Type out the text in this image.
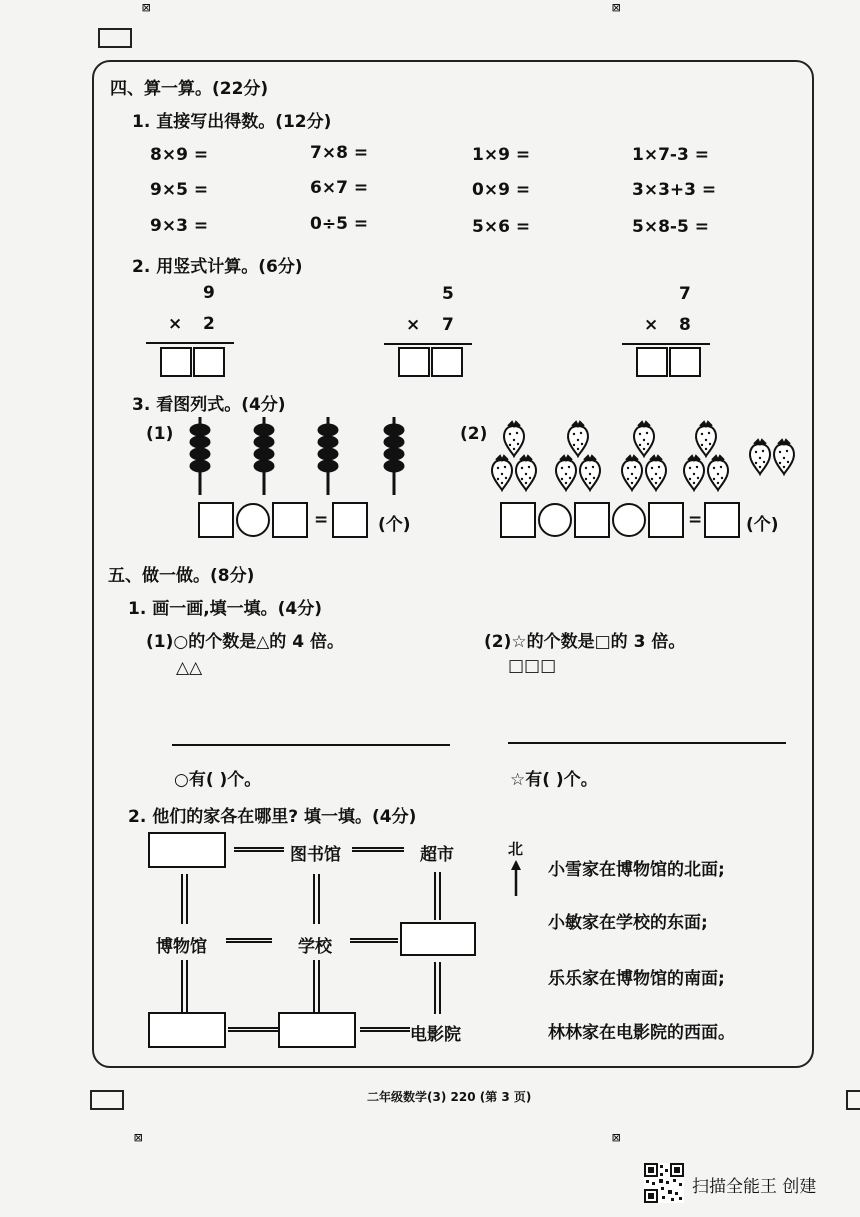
⊠	⊠
⊠	⊠
四、算一算。(22分)
1. 直接写出得数。(12分)
8×9 =	7×8 =	1×9 =	1×7-3 =
9×5 =	6×7 =	0×9 =	3×3+3 =
9×3 =	0÷5 =	5×6 =	5×8-5 =
2. 用竖式计算。(6分)
9
× 2
5
× 7
7
× 8
3. 看图列式。(4分)
(1)
=	(个)
(2)
=	(个)
五、做一做。(8分)
1. 画一画,填一填。(4分)
(1)○的个数是△的 4 倍。
△△
○有( )个。
(2)☆的个数是□的 3 倍。
□□□
☆有( )个。
2. 他们的家各在哪里? 填一填。(4分)
图书馆	超市
博物馆	学校
电影院
北
小雪家在博物馆的北面;
小敏家在学校的东面;
乐乐家在博物馆的南面;
林林家在电影院的西面。
二年级数学(3) 220 (第 3 页)
扫描全能王 创建
